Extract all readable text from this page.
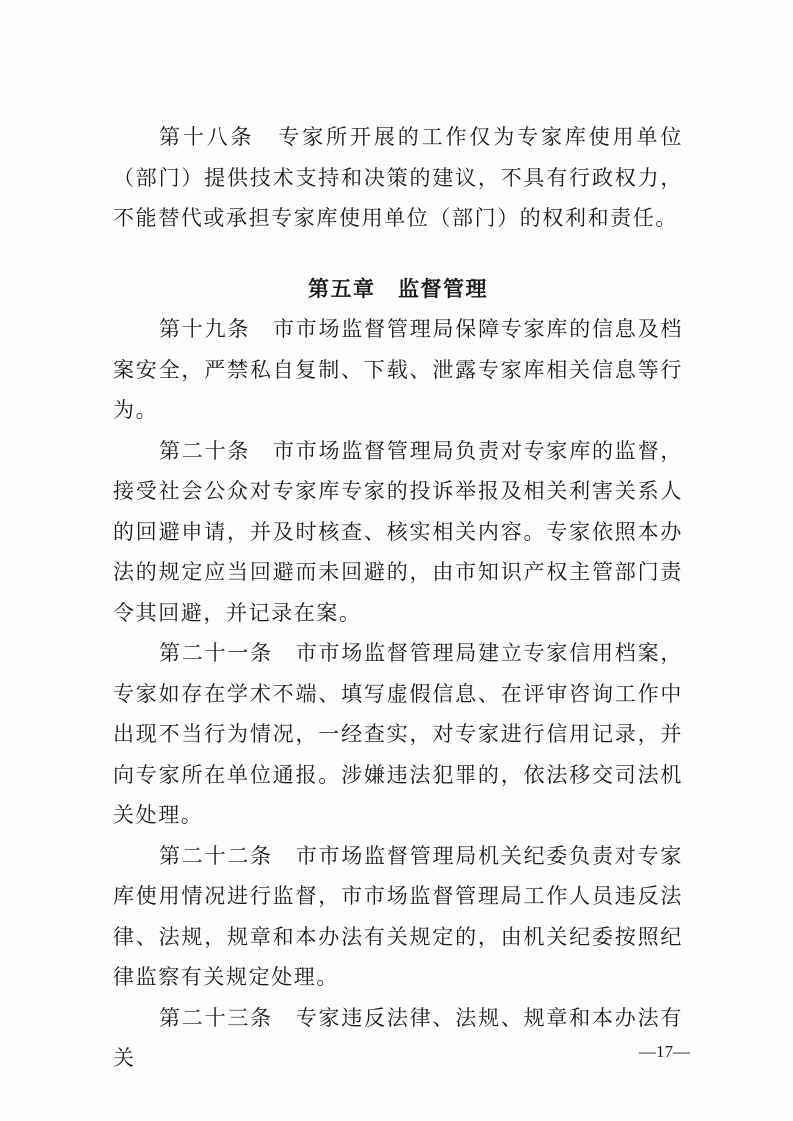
第十八条　专家所开展的工作仅为专家库使用单位（部门）提供技术支持和决策的建议，不具有行政权力，不能替代或承担专家库使用单位（部门）的权利和责任。

第五章　监督管理

第十九条　市市场监督管理局保障专家库的信息及档案安全，严禁私自复制、下载、泄露专家库相关信息等行为。

第二十条　市市场监督管理局负责对专家库的监督，接受社会公众对专家库专家的投诉举报及相关利害关系人的回避申请，并及时核查、核实相关内容。专家依照本办法的规定应当回避而未回避的，由市知识产权主管部门责令其回避，并记录在案。

第二十一条　市市场监督管理局建立专家信用档案，专家如存在学术不端、填写虚假信息、在评审咨询工作中出现不当行为情况，一经查实，对专家进行信用记录，并向专家所在单位通报。涉嫌违法犯罪的，依法移交司法机关处理。

第二十二条　市市场监督管理局机关纪委负责对专家库使用情况进行监督，市市场监督管理局工作人员违反法律、法规，规章和本办法有关规定的，由机关纪委按照纪律监察有关规定处理。

第二十三条　专家违反法律、法规、规章和本办法有关	—17—
